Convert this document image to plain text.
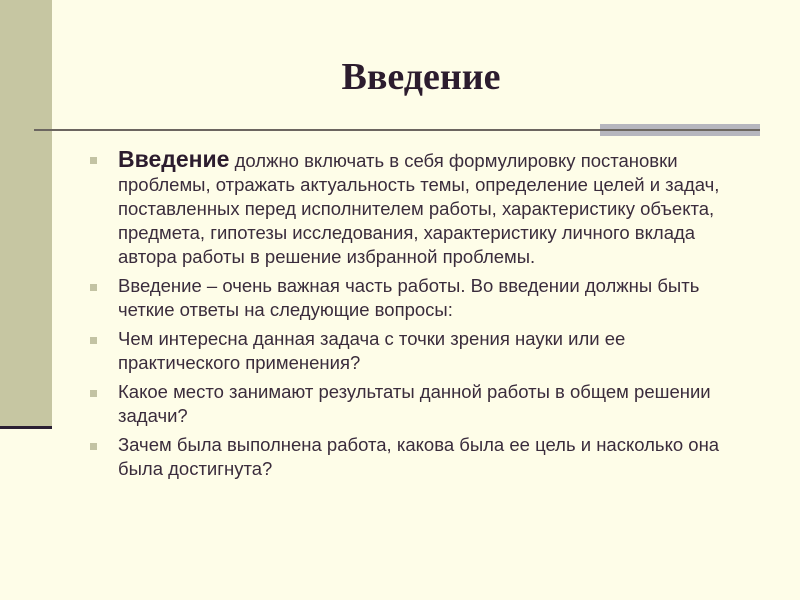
Введение
Введение должно включать в себя формулировку постановки проблемы, отражать актуальность темы, определение целей и задач, поставленных перед исполнителем работы, характеристику объекта, предмета, гипотезы исследования, характеристику личного вклада автора работы в решение избранной проблемы.
Введение – очень важная часть работы. Во введении должны быть четкие ответы на следующие вопросы:
Чем интересна данная задача с точки зрения науки или ее практического применения?
Какое место занимают результаты данной работы в общем решении задачи?
Зачем была выполнена работа, какова была ее цель и насколько она была достигнута?
